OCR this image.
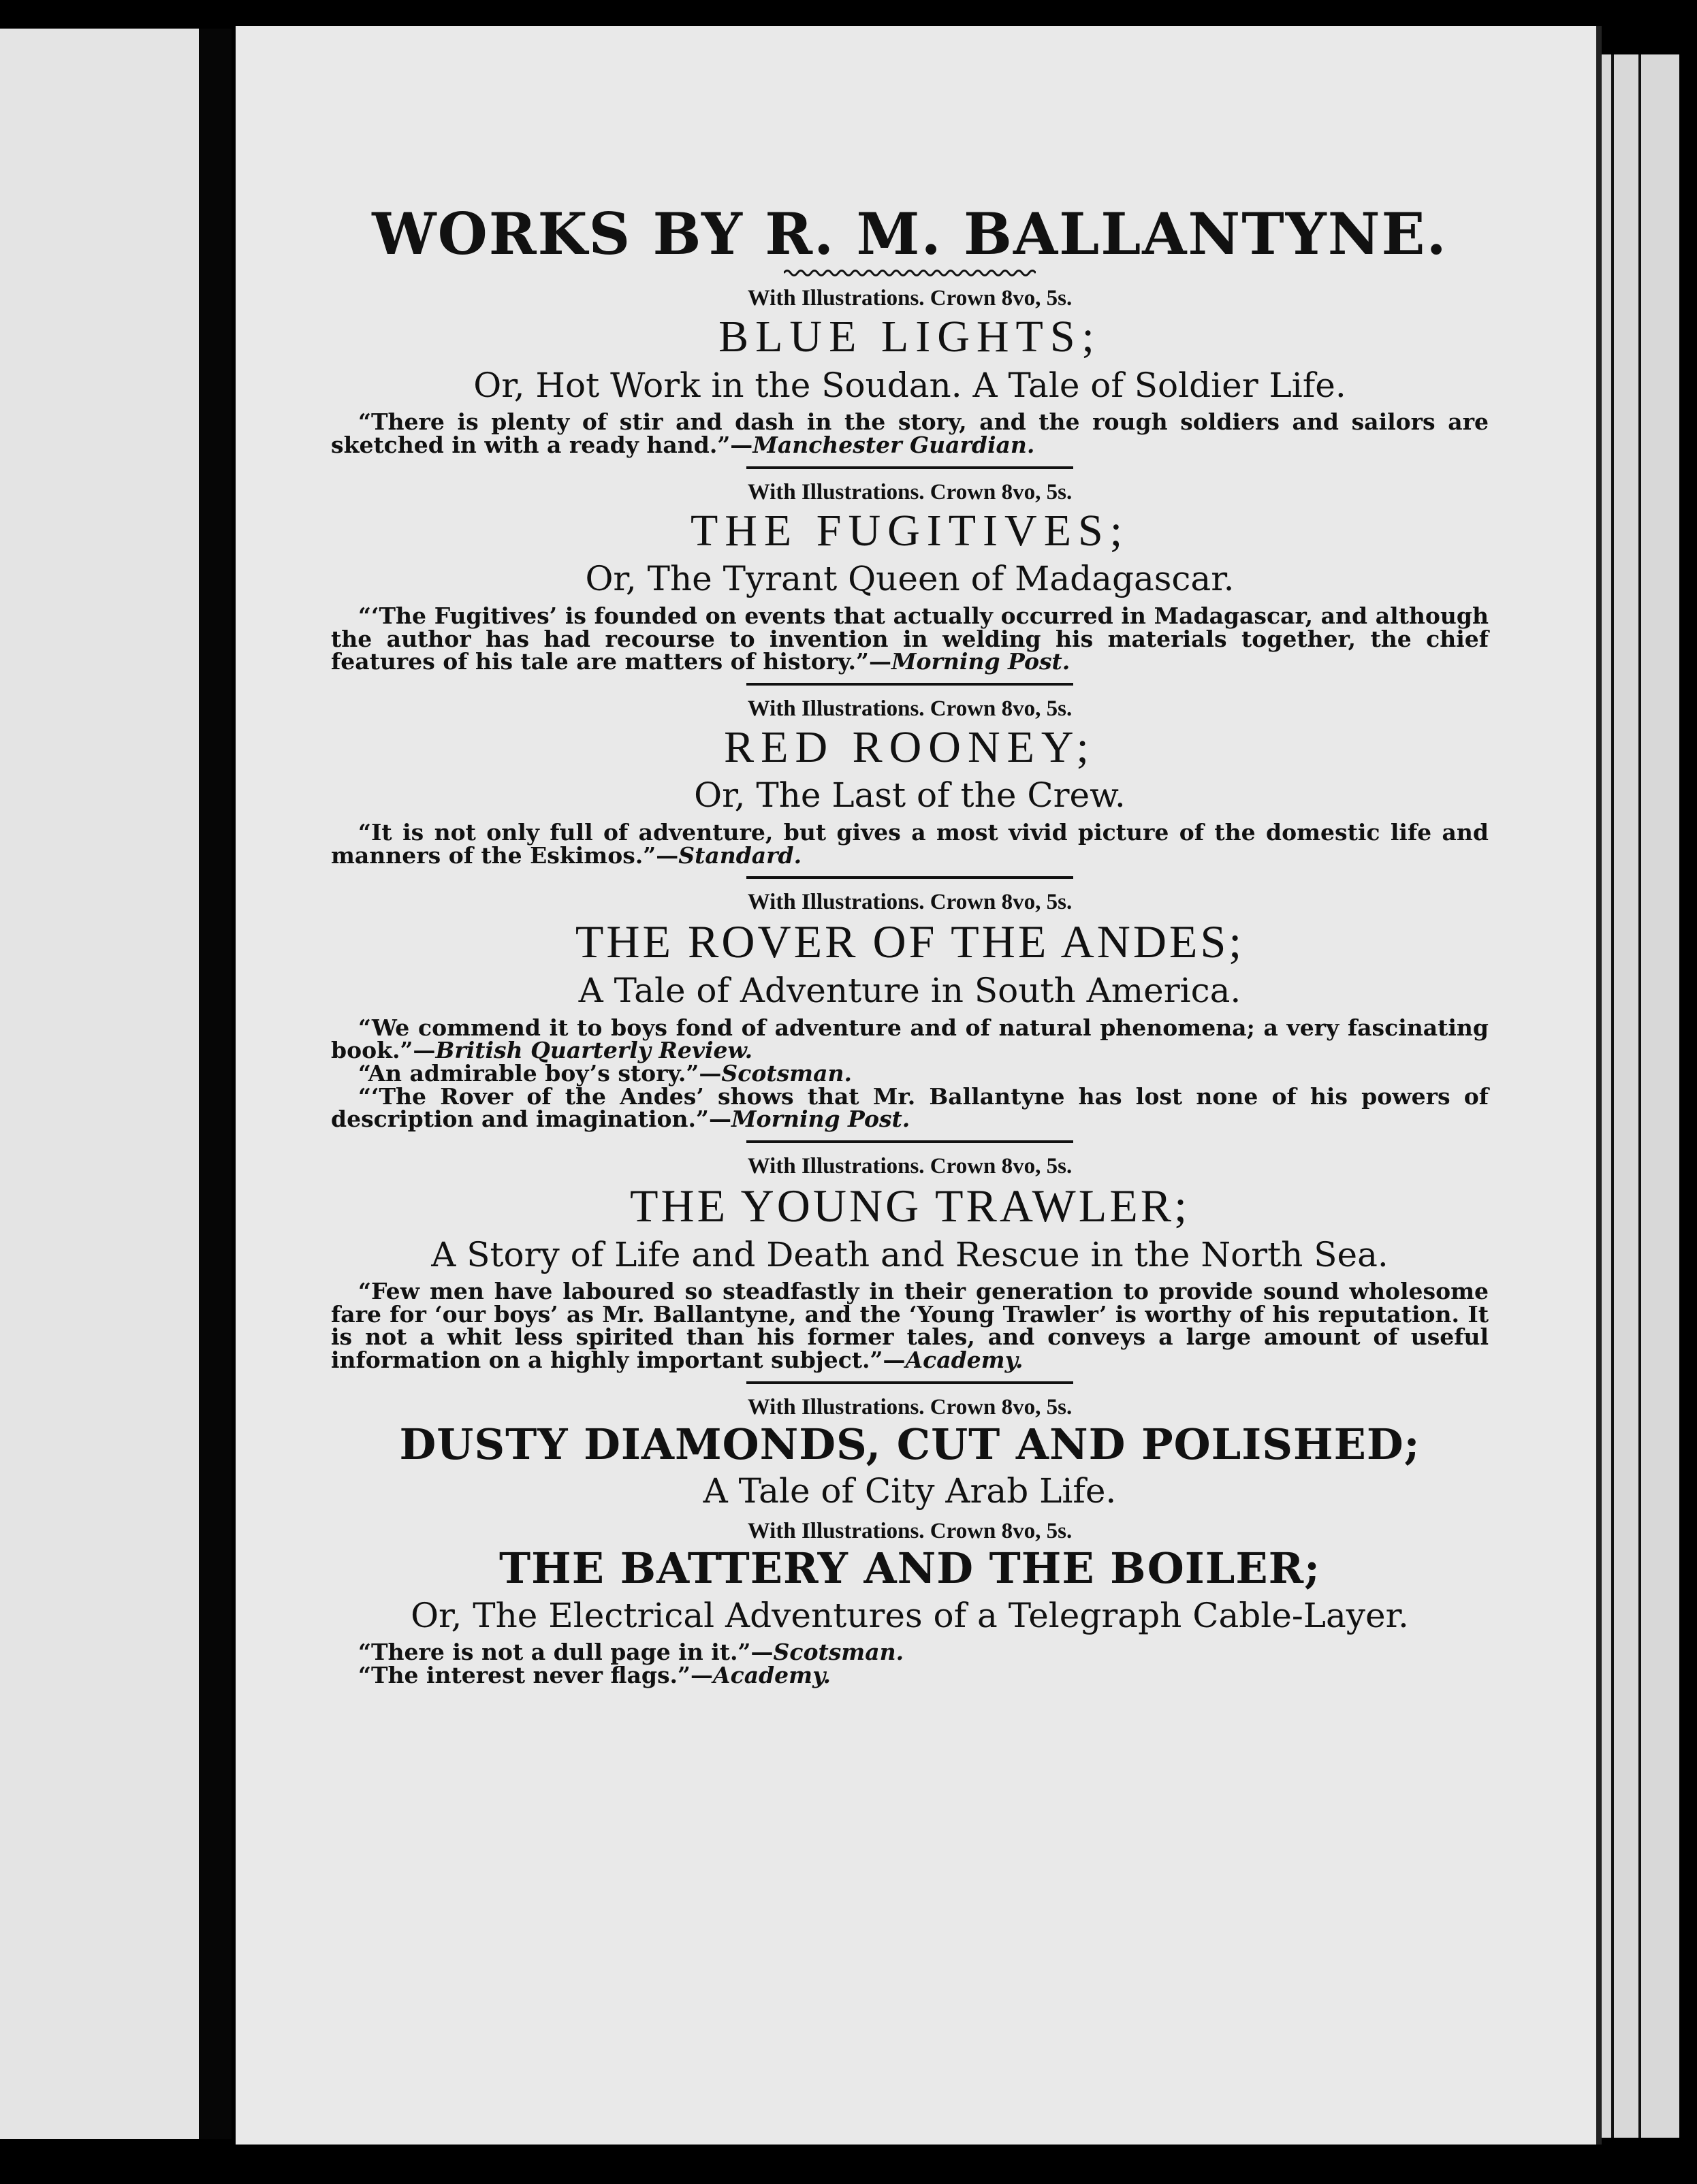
WORKS BY R. M. BALLANTYNE.
With Illustrations. Crown 8vo, 5s.
BLUE LIGHTS;
Or, Hot Work in the Soudan. A Tale of Soldier Life.

“There is plenty of stir and dash in the story, and the rough soldiers and sailors are sketched in with a ready hand.”—Manchester Guardian.

With Illustrations. Crown 8vo, 5s.
THE FUGITIVES;
Or, The Tyrant Queen of Madagascar.

“‘The Fugitives’ is founded on events that actually occurred in Madagascar, and although the author has had recourse to invention in welding his materials together, the chief features of his tale are matters of history.”—Morning Post.

With Illustrations. Crown 8vo, 5s.
RED ROONEY;
Or, The Last of the Crew.

“It is not only full of adventure, but gives a most vivid picture of the domestic life and manners of the Eskimos.”—Standard.

With Illustrations. Crown 8vo, 5s.
THE ROVER OF THE ANDES;
A Tale of Adventure in South America.

“We commend it to boys fond of adventure and of natural phenomena; a very fascinating book.”—British Quarterly Review.

“An admirable boy’s story.”—Scotsman.

“‘The Rover of the Andes’ shows that Mr. Ballantyne has lost none of his powers of description and imagination.”—Morning Post.

With Illustrations. Crown 8vo, 5s.
THE YOUNG TRAWLER;
A Story of Life and Death and Rescue in the North Sea.

“Few men have laboured so steadfastly in their generation to provide sound wholesome fare for ‘our boys’ as Mr. Ballantyne, and the ‘Young Trawler’ is worthy of his reputation. It is not a whit less spirited than his former tales, and conveys a large amount of useful information on a highly important subject.”—Academy.

With Illustrations. Crown 8vo, 5s.
DUSTY DIAMONDS, CUT AND POLISHED;
A Tale of City Arab Life.
With Illustrations. Crown 8vo, 5s.
THE BATTERY AND THE BOILER;
Or, The Electrical Adventures of a Telegraph Cable-Layer.

“There is not a dull page in it.”—Scotsman.

“The interest never flags.”—Academy.
